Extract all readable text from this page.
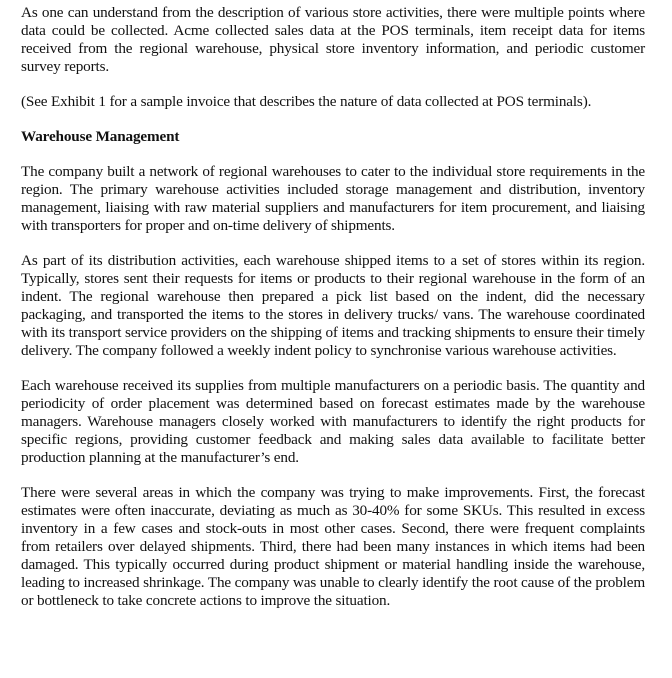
As one can understand from the description of various store activities, there were multiple points where data could be collected. Acme collected sales data at the POS terminals, item receipt data for items received from the regional warehouse, physical store inventory information, and periodic customer survey reports.

(See Exhibit 1 for a sample invoice that describes the nature of data collected at POS terminals).

Warehouse Management

The company built a network of regional warehouses to cater to the individual store requirements in the region. The primary warehouse activities included storage management and distribution, inventory management, liaising with raw material suppliers and manufacturers for item procurement, and liaising with transporters for proper and on-time delivery of shipments.

As part of its distribution activities, each warehouse shipped items to a set of stores within its region. Typically, stores sent their requests for items or products to their regional warehouse in the form of an indent. The regional warehouse then prepared a pick list based on the indent, did the necessary packaging, and transported the items to the stores in delivery trucks/ vans. The warehouse coordinated with its transport service providers on the shipping of items and tracking shipments to ensure their timely delivery. The company followed a weekly indent policy to synchronise various warehouse activities.

Each warehouse received its supplies from multiple manufacturers on a periodic basis. The quantity and periodicity of order placement was determined based on forecast estimates made by the warehouse managers. Warehouse managers closely worked with manufacturers to identify the right products for specific regions, providing customer feedback and making sales data available to facilitate better production planning at the manufacturer’s end.

There were several areas in which the company was trying to make improvements. First, the forecast estimates were often inaccurate, deviating as much as 30-40% for some SKUs. This resulted in excess inventory in a few cases and stock-outs in most other cases. Second, there were frequent complaints from retailers over delayed shipments. Third, there had been many instances in which items had been damaged. This typically occurred during product shipment or material handling inside the warehouse, leading to increased shrinkage. The company was unable to clearly identify the root cause of the problem or bottleneck to take concrete actions to improve the situation.
